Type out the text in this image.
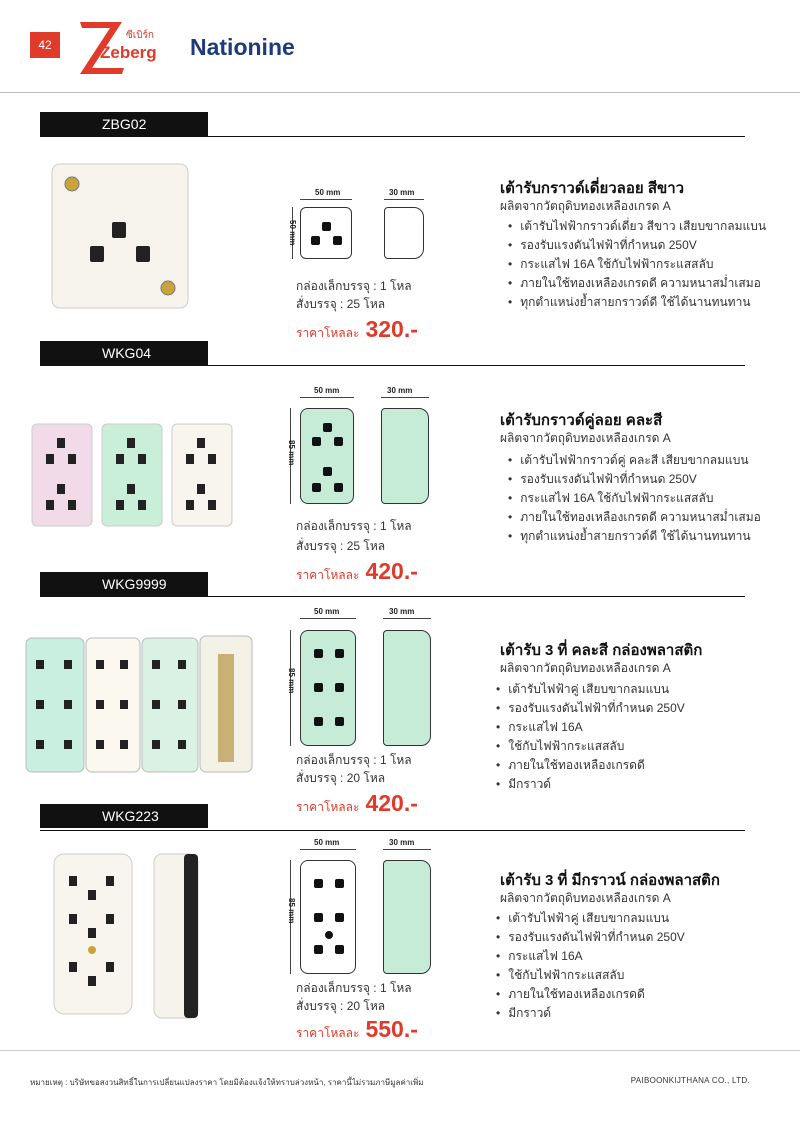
42
ซีเบิร์ก
Zeberg Nationine
ZBG02
50 mm	30 mm
50 mm
กล่องเล็กบรรจุ : 1 โหล
สั่งบรรจุ : 25 โหล
ราคาโหลละ 320.-
เต้ารับกราวด์เดี่ยวลอย สีขาว
ผลิตจากวัตถุดิบทองเหลืองเกรด A
• เต้ารับไฟฟ้ากราวด์เดี่ยว สีขาว เสียบขากลมแบน
• รองรับแรงดันไฟฟ้าที่กำหนด 250V
• กระแสไฟ 16A ใช้กับไฟฟ้ากระแสสลับ
• ภายในใช้ทองเหลืองเกรดดี ความหนาสม่ำเสมอ
• ทุกตำแหน่งย้ำสายกราวด์ดี ใช้ได้นานทนทาน
WKG04
50 mm	30 mm
85 mm
กล่องเล็กบรรจุ : 1 โหล
สั่งบรรจุ : 25 โหล
ราคาโหลละ 420.-
เต้ารับกราวด์คู่ลอย คละสี
ผลิตจากวัตถุดิบทองเหลืองเกรด A
• เต้ารับไฟฟ้ากราวด์คู่ คละสี เสียบขากลมแบน
• รองรับแรงดันไฟฟ้าที่กำหนด 250V
• กระแสไฟ 16A ใช้กับไฟฟ้ากระแสสลับ
• ภายในใช้ทองเหลืองเกรดดี ความหนาสม่ำเสมอ
• ทุกตำแหน่งย้ำสายกราวด์ดี ใช้ได้นานทนทาน
WKG9999
50 mm	30 mm
85 mm
กล่องเล็กบรรจุ : 1 โหล
สั่งบรรจุ : 20 โหล
ราคาโหลละ 420.-
เต้ารับ 3 ที่ คละสี กล่องพลาสติก
ผลิตจากวัตถุดิบทองเหลืองเกรด A
• เต้ารับไฟฟ้าคู่ เสียบขากลมแบน
• รองรับแรงดันไฟฟ้าที่กำหนด 250V
• กระแสไฟ 16A
• ใช้กับไฟฟ้ากระแสสลับ
• ภายในใช้ทองเหลืองเกรดดี
• มีกราวด์
WKG223
50 mm	30 mm
85 mm
กล่องเล็กบรรจุ : 1 โหล
สั่งบรรจุ : 20 โหล
ราคาโหลละ 550.-
เต้ารับ 3 ที่ มีกราวน์ กล่องพลาสติก
ผลิตจากวัตถุดิบทองเหลืองเกรด A
• เต้ารับไฟฟ้าคู่ เสียบขากลมแบน
• รองรับแรงดันไฟฟ้าที่กำหนด 250V
• กระแสไฟ 16A
• ใช้กับไฟฟ้ากระแสสลับ
• ภายในใช้ทองเหลืองเกรดดี
• มีกราวด์
หมายเหตุ : บริษัทขอสงวนสิทธิ์ในการเปลี่ยนแปลงราคา โดยมิต้องแจ้งให้ทราบล่วงหน้า, ราคานี้ไม่รวมภาษีมูลค่าเพิ่ม	PAIBOONKIJTHANA CO., LTD.
